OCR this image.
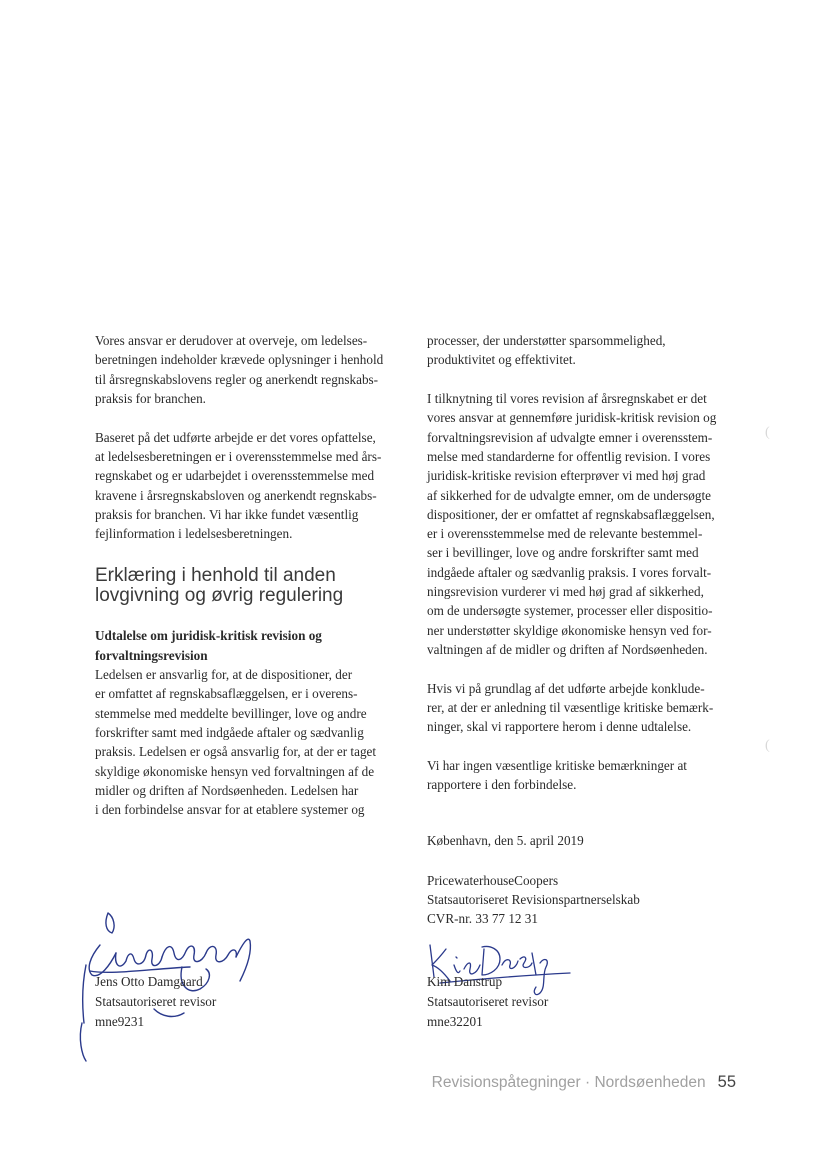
Vores ansvar er derudover at overveje, om ledelses-
beretningen indeholder krævede oplysninger i henhold
til årsregnskabslovens regler og anerkendt regnskabs-
praksis for branchen.

Baseret på det udførte arbejde er det vores opfattelse,
at ledelsesberetningen er i overensstemmelse med års-
regnskabet og er udarbejdet i overensstemmelse med
kravene i årsregnskabsloven og anerkendt regnskabs-
praksis for branchen. Vi har ikke fundet væsentlig
fejlinformation i ledelsesberetningen.

Erklæring i henhold til anden
lovgivning og øvrig regulering

Udtalelse om juridisk-kritisk revision og
forvaltningsrevision

Ledelsen er ansvarlig for, at de dispositioner, der
er omfattet af regnskabsaflæggelsen, er i overens-
stemmelse med meddelte bevillinger, love og andre
forskrifter samt med indgåede aftaler og sædvanlig
praksis. Ledelsen er også ansvarlig for, at der er taget
skyldige økonomiske hensyn ved forvaltningen af de
midler og driften af Nordsøenheden. Ledelsen har
i den forbindelse ansvar for at etablere systemer og

processer, der understøtter sparsommelighed,
produktivitet og effektivitet.

I tilknytning til vores revision af årsregnskabet er det
vores ansvar at gennemføre juridisk-kritisk revision og
forvaltningsrevision af udvalgte emner i overensstem-
melse med standarderne for offentlig revision. I vores
juridisk-kritiske revision efterprøver vi med høj grad
af sikkerhed for de udvalgte emner, om de undersøgte
dispositioner, der er omfattet af regnskabsaflæggelsen,
er i overensstemmelse med de relevante bestemmel-
ser i bevillinger, love og andre forskrifter samt med
indgåede aftaler og sædvanlig praksis. I vores forvalt-
ningsrevision vurderer vi med høj grad af sikkerhed,
om de undersøgte systemer, processer eller dispositio-
ner understøtter skyldige økonomiske hensyn ved for-
valtningen af de midler og driften af Nordsøenheden.

Hvis vi på grundlag af det udførte arbejde konklude-
rer, at der er anledning til væsentlige kritiske bemærk-
ninger, skal vi rapportere herom i denne udtalelse.

Vi har ingen væsentlige kritiske bemærkninger at
rapportere i den forbindelse.

København, den 5. april 2019
PricewaterhouseCoopers
Statsautoriseret Revisionspartnerselskab
CVR-nr. 33 77 12 31
Jens Otto Damgaard
Statsautoriseret revisor
mne9231
Kim Danstrup
Statsautoriseret revisor
mne32201
(
(
Revisionspåtegninger · Nordsøenheden 55
